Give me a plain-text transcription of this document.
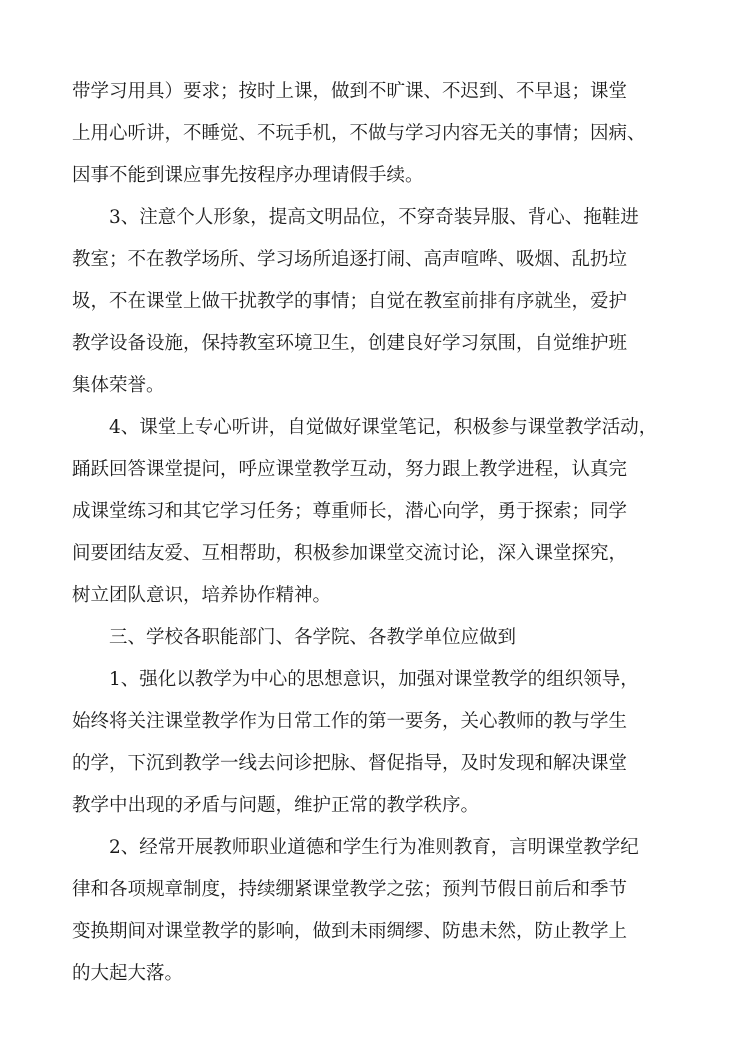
带学习用具）要求；按时上课，做到不旷课、不迟到、不早退；课堂
上用心听讲，不睡觉、不玩手机，不做与学习内容无关的事情；因病、
因事不能到课应事先按程序办理请假手续。
3、注意个人形象，提高文明品位，不穿奇装异服、背心、拖鞋进
教室；不在教学场所、学习场所追逐打闹、高声喧哗、吸烟、乱扔垃
圾，不在课堂上做干扰教学的事情；自觉在教室前排有序就坐，爱护
教学设备设施，保持教室环境卫生，创建良好学习氛围，自觉维护班
集体荣誉。
4、课堂上专心听讲，自觉做好课堂笔记，积极参与课堂教学活动，
踊跃回答课堂提问，呼应课堂教学互动，努力跟上教学进程，认真完
成课堂练习和其它学习任务；尊重师长，潜心向学，勇于探索；同学
间要团结友爱、互相帮助，积极参加课堂交流讨论，深入课堂探究，
树立团队意识，培养协作精神。
三、学校各职能部门、各学院、各教学单位应做到
1、强化以教学为中心的思想意识，加强对课堂教学的组织领导，
始终将关注课堂教学作为日常工作的第一要务，关心教师的教与学生
的学，下沉到教学一线去问诊把脉、督促指导，及时发现和解决课堂
教学中出现的矛盾与问题，维护正常的教学秩序。
2、经常开展教师职业道德和学生行为准则教育，言明课堂教学纪
律和各项规章制度，持续绷紧课堂教学之弦；预判节假日前后和季节
变换期间对课堂教学的影响，做到未雨绸缪、防患未然，防止教学上
的大起大落。
